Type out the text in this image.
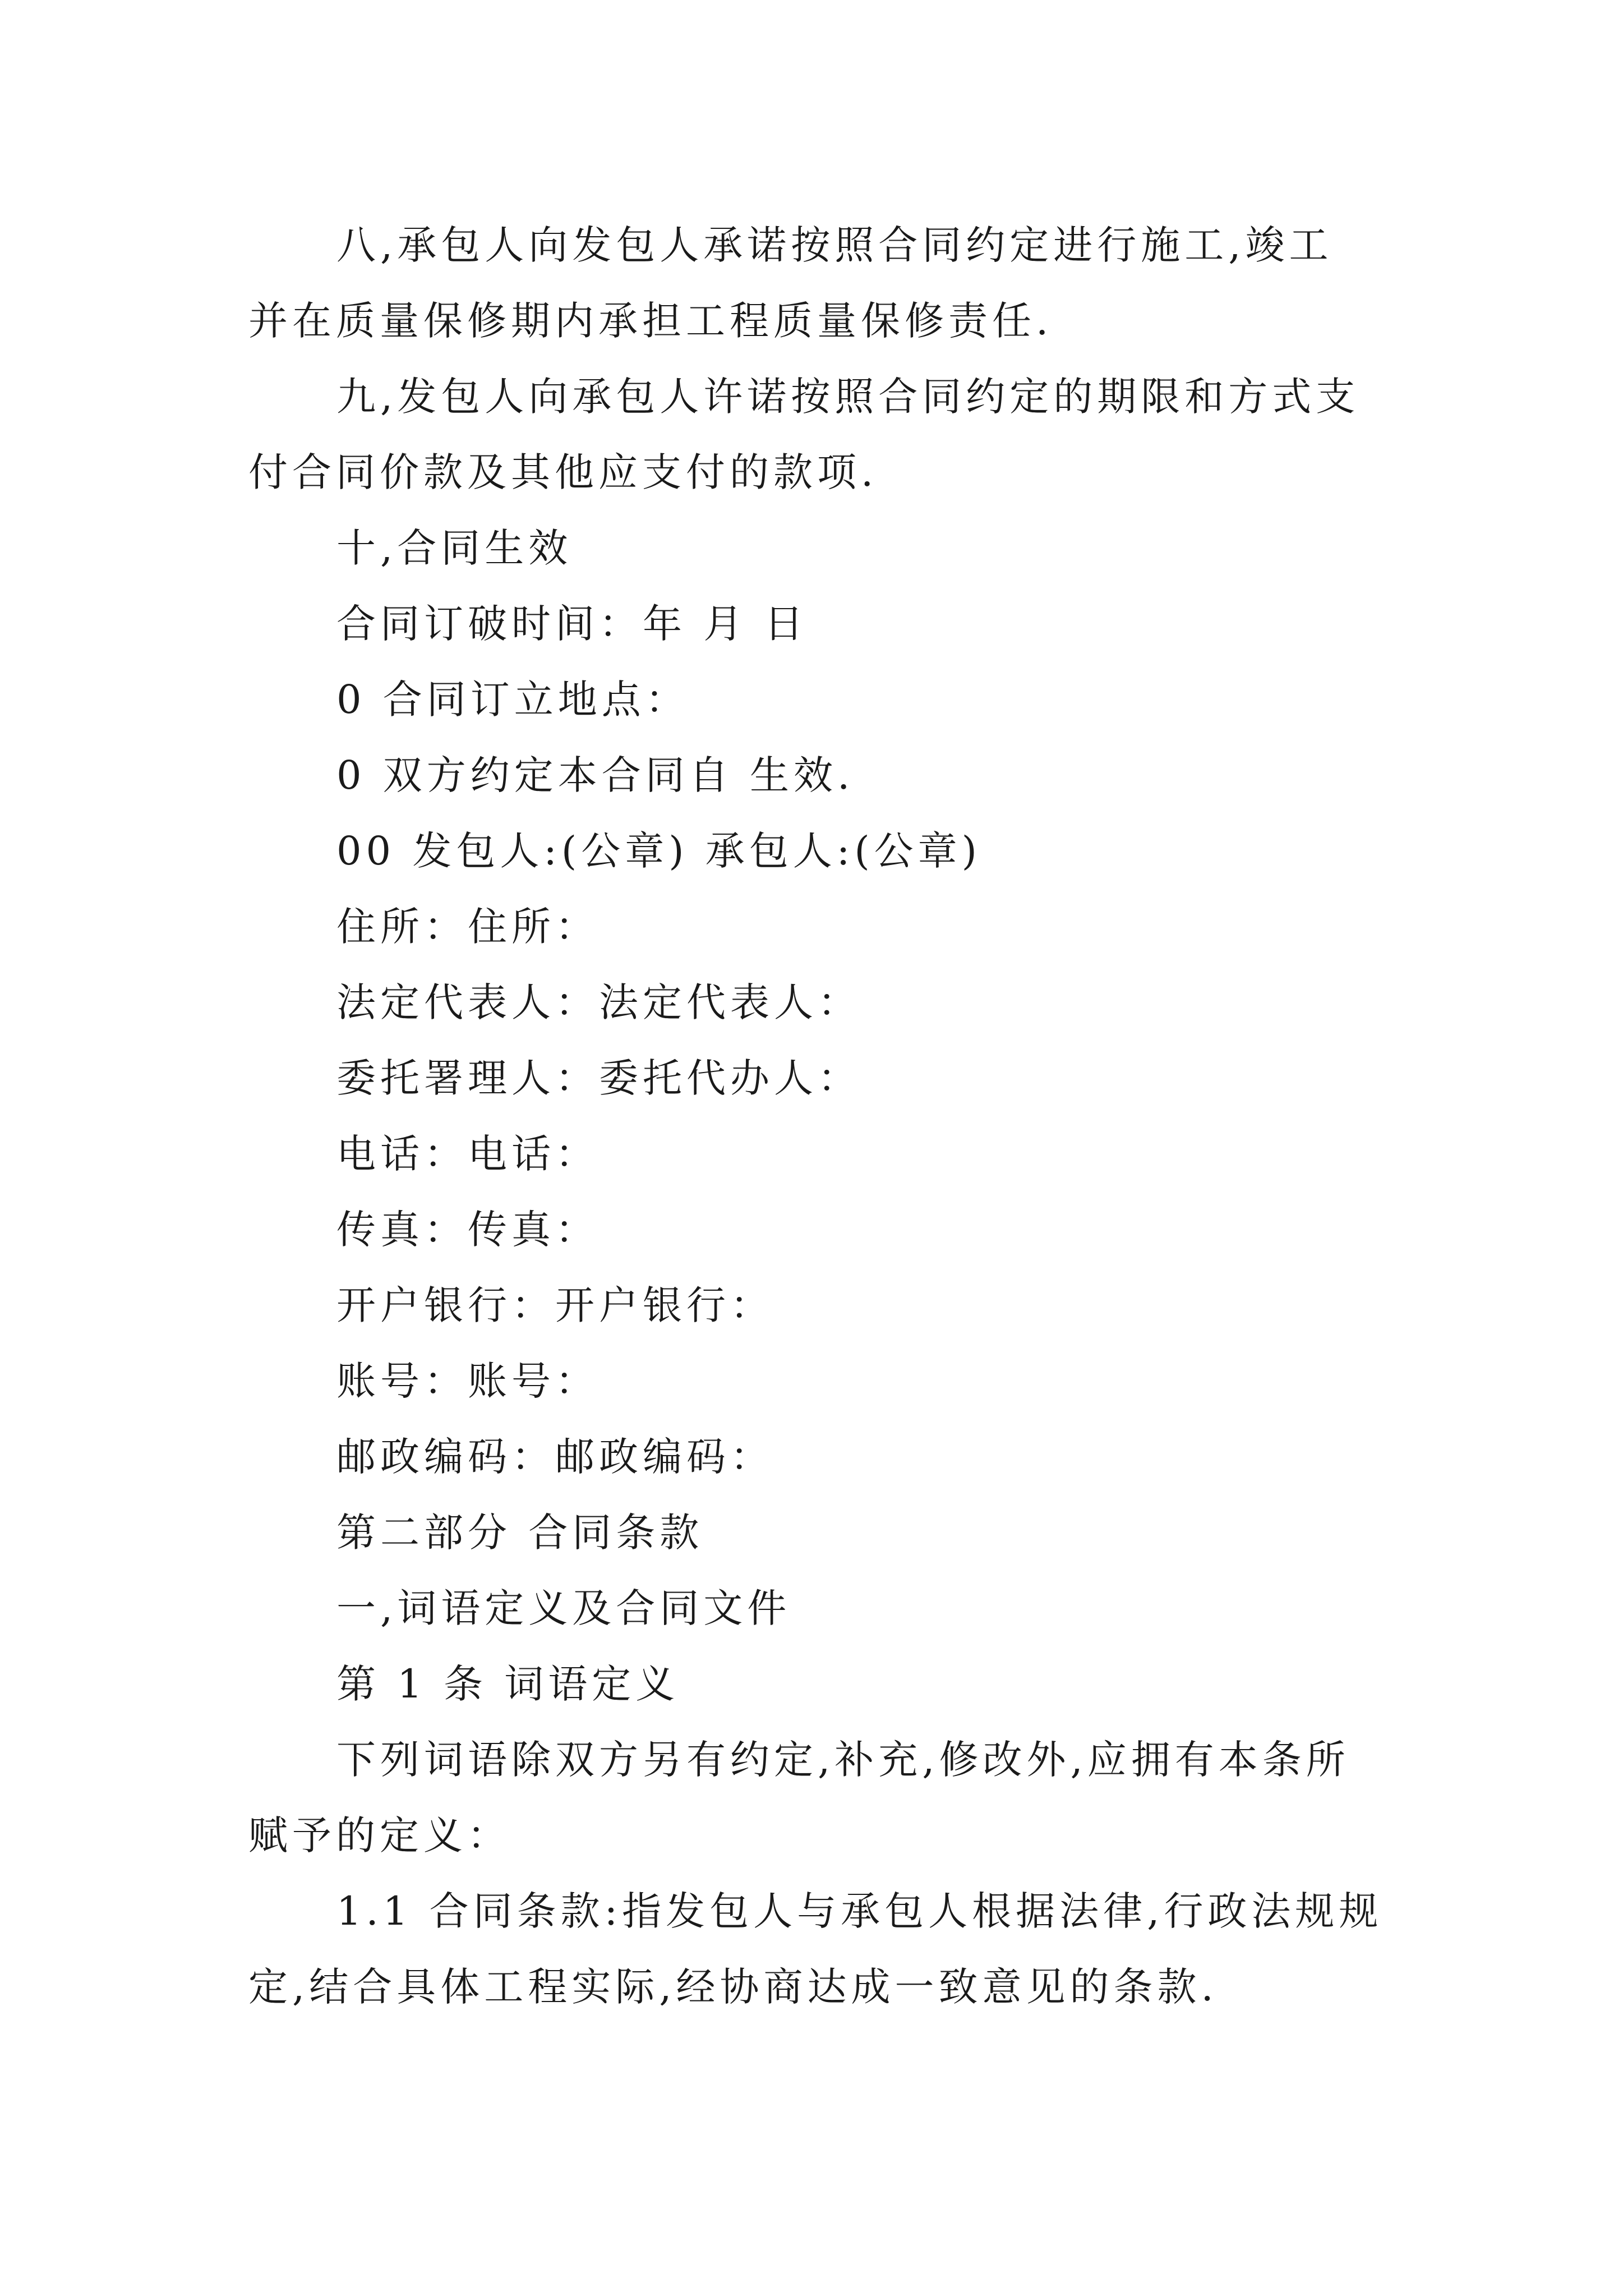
八,承包人向发包人承诺按照合同约定进行施工,竣工
并在质量保修期内承担工程质量保修责任.
九,发包人向承包人许诺按照合同约定的期限和方式支
付合同价款及其他应支付的款项.
十,合同生效
合同订破时间：年 月 日
0 合同订立地点：
0 双方约定本合同自 生效.
00 发包人:(公章) 承包人:(公章)
住所：住所：
法定代表人：法定代表人：
委托署理人：委托代办人：
电话：电话：
传真：传真：
开户银行：开户银行：
账号：账号：
邮政编码：邮政编码：
第二部分 合同条款
一,词语定义及合同文件
第 1 条 词语定义
下列词语除双方另有约定,补充,修改外,应拥有本条所
赋予的定义：
1.1 合同条款:指发包人与承包人根据法律,行政法规规
定,结合具体工程实际,经协商达成一致意见的条款.
